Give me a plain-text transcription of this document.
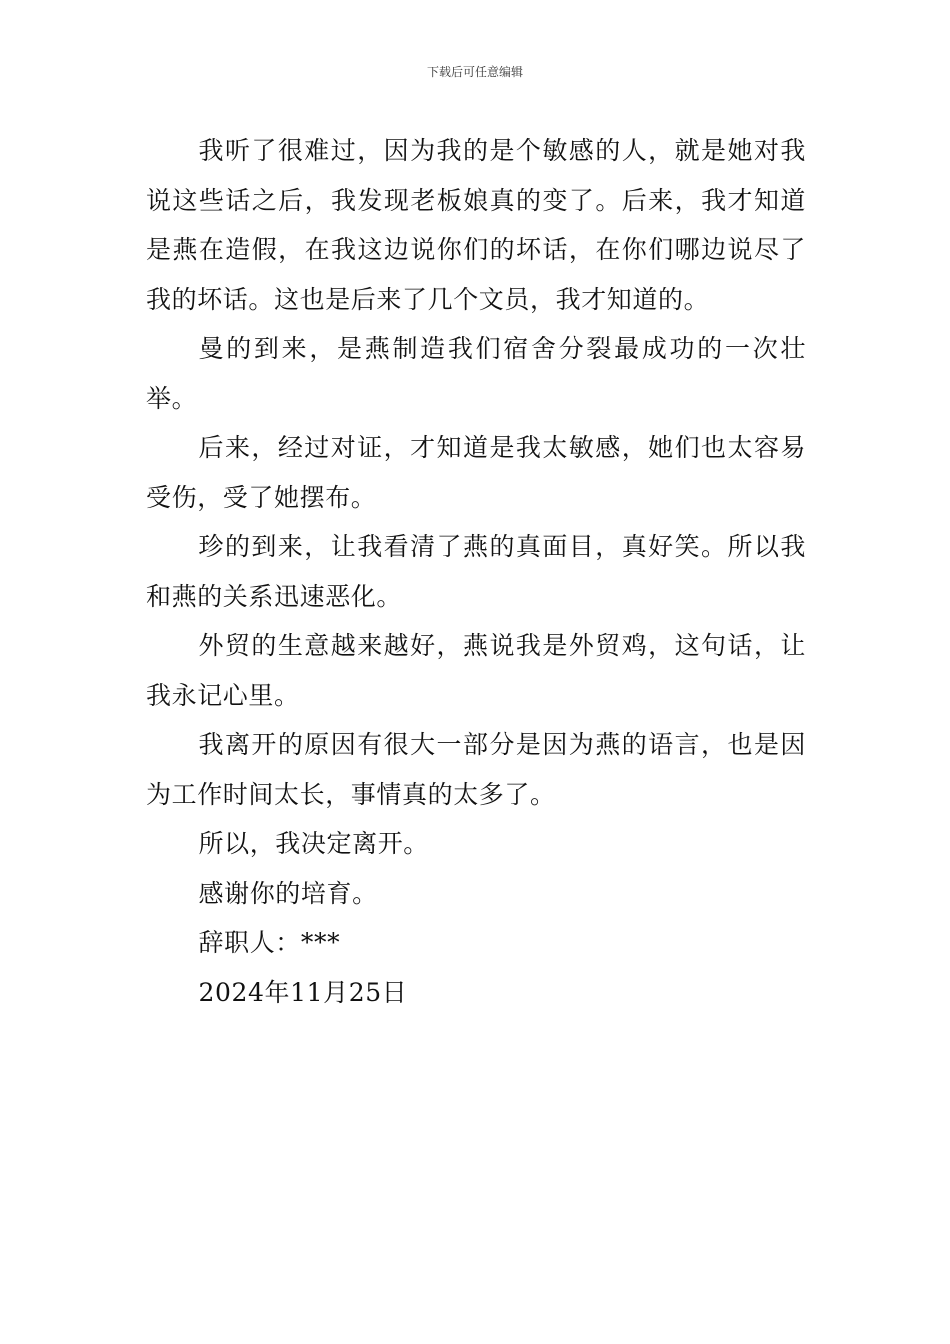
下载后可任意编辑

我听了很难过，因为我的是个敏感的人，就是她对我说这些话之后，我发现老板娘真的变了。后来，我才知道是燕在造假，在我这边说你们的坏话，在你们哪边说尽了我的坏话。这也是后来了几个文员，我才知道的。

曼的到来，是燕制造我们宿舍分裂最成功的一次壮举。

后来，经过对证，才知道是我太敏感，她们也太容易受伤，受了她摆布。

珍的到来，让我看清了燕的真面目，真好笑。所以我和燕的关系迅速恶化。

外贸的生意越来越好，燕说我是外贸鸡，这句话，让我永记心里。

我离开的原因有很大一部分是因为燕的语言，也是因为工作时间太长，事情真的太多了。

所以，我决定离开。

感谢你的培育。

辞职人：***

2024年11月25日
